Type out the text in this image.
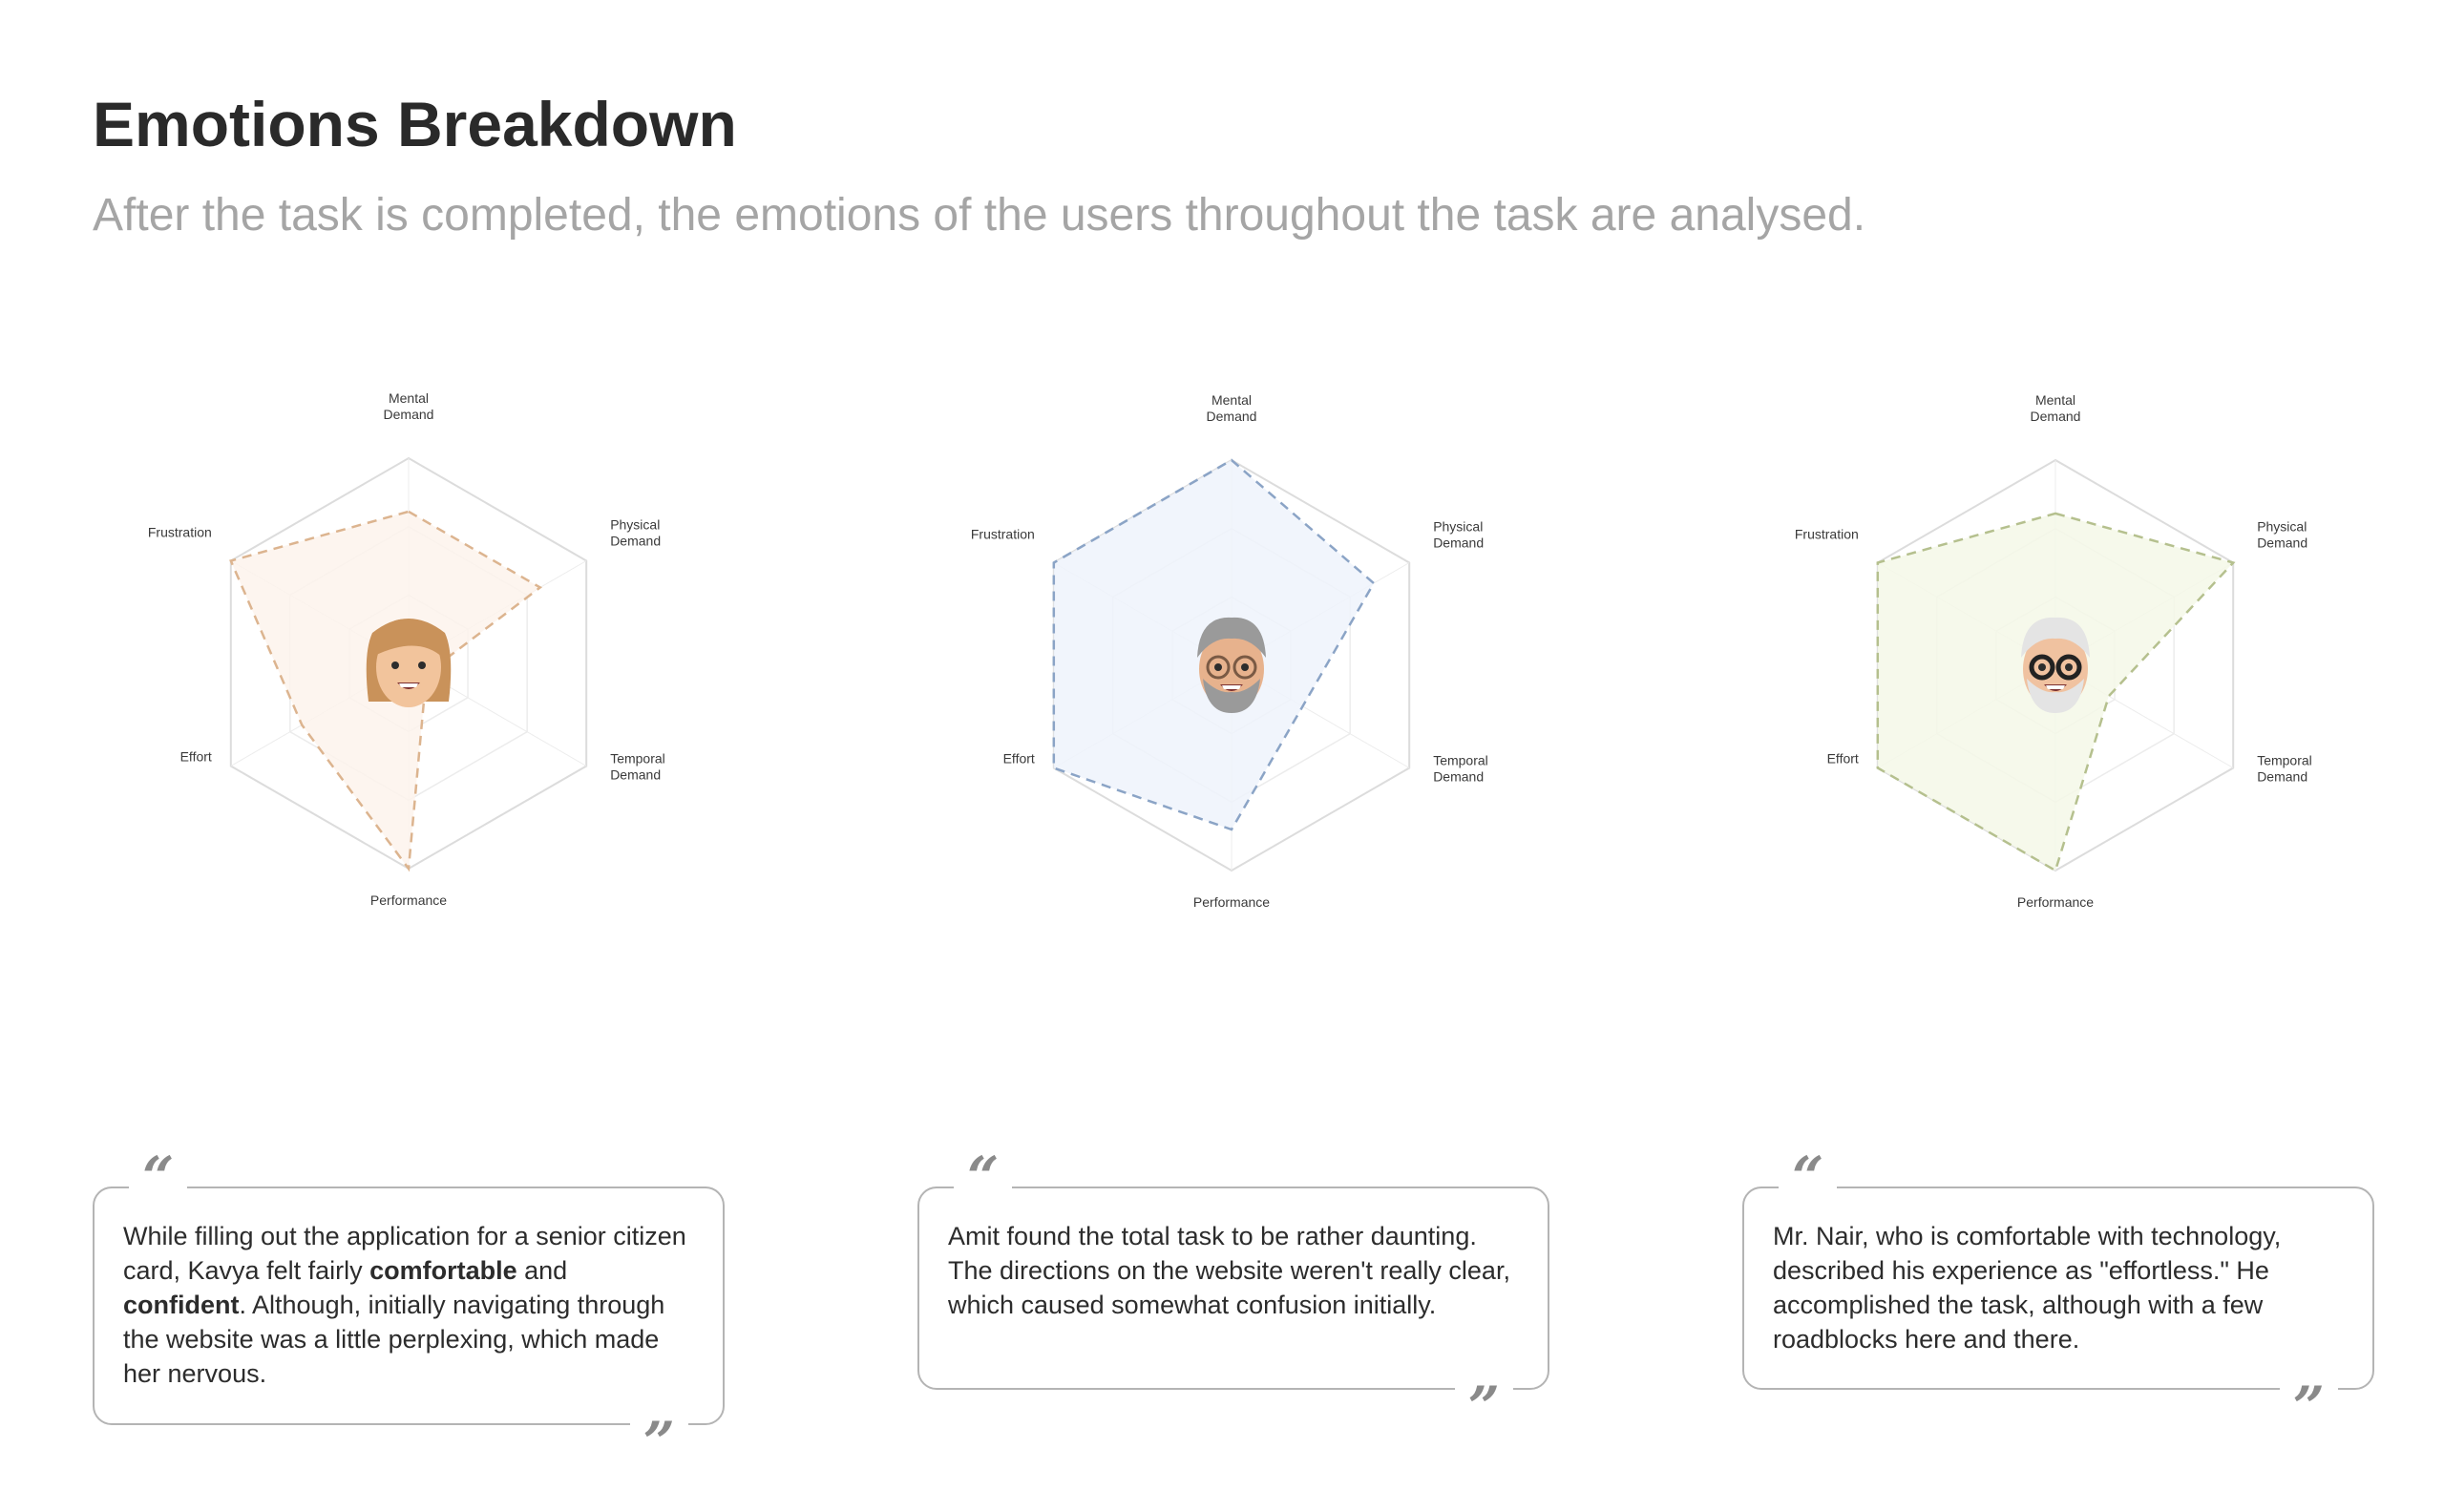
Emotions Breakdown

After the task is completed, the emotions of the users throughout the task are analysed.

Mental Demand
Physical Demand
Temporal Demand
Performance
Effort
Frustration
Mental Demand
Physical Demand
Temporal Demand
Performance
Effort
Frustration
Mental Demand
Physical Demand
Temporal Demand
Performance
Effort
Frustration
“

While filling out the application for a senior citizen card, Kavya felt fairly comfortable and confident. Although, initially navigating through the website was a little perplexing, which made her nervous.

”
“

Amit found the total task to be rather daunting. The directions on the website weren't really clear, which caused somewhat confusion initially.

”
“

Mr. Nair, who is comfortable with technology, described his experience as "effortless." He accomplished the task, although with a few roadblocks here and there.

”
